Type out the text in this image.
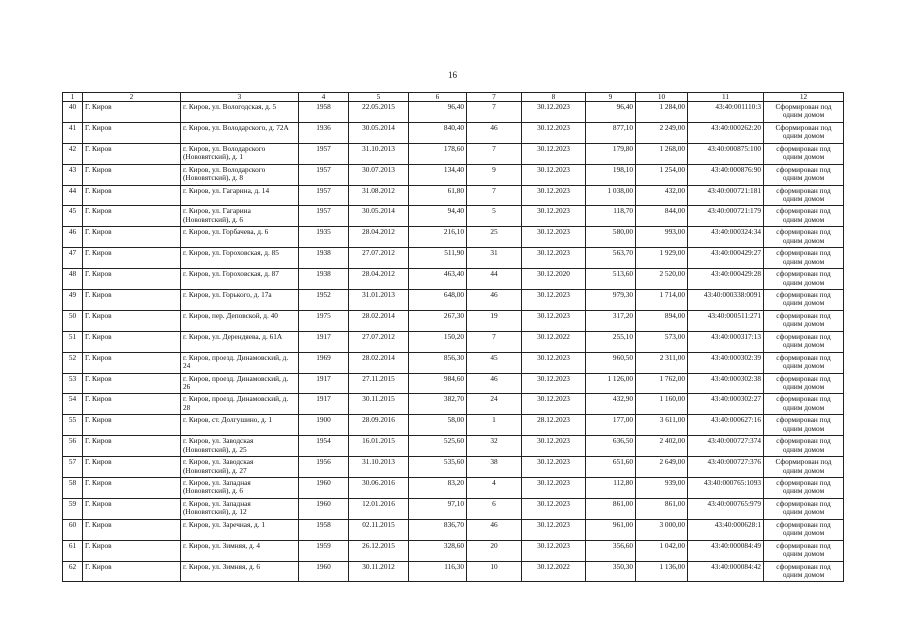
16
1	2	3	4	5	6	7	8	9	10	11	12
40	Г. Киров	г. Киров, ул. Вологодская, д. 5	1958	22.05.2015	96,40	7	30.12.2023	96,40	1 284,00	43:40:001110:3	Сформирован под одним домом
41	Г. Киров	г. Киров, ул. Володарского, д. 72А	1936	30.05.2014	840,40	46	30.12.2023	877,10	2 249,00	43:40:000262:20	Сформирован под одним домом
42	Г. Киров	г. Киров, ул. Володарского (Нововятский), д. 1	1957	31.10.2013	178,60	7	30.12.2023	179,80	1 268,00	43:40:000875:100	сформирован под одним домом
43	Г. Киров	г. Киров, ул. Володарского (Нововятский), д. 8	1957	30.07.2013	134,40	9	30.12.2023	198,10	1 254,00	43:40:000876:90	сформирован под одним домом
44	Г. Киров	г. Киров, ул. Гагарина, д. 14	1957	31.08.2012	61,80	7	30.12.2023	1 038,00	432,00	43:40:000721:181	сформирован под одним домом
45	Г. Киров	г. Киров, ул. Гагарина (Нововятский), д. 6	1957	30.05.2014	94,40	5	30.12.2023	118,70	844,00	43:40:000721:179	сформирован под одним домом
46	Г. Киров	г. Киров, ул. Горбачева, д. 6	1935	28.04.2012	216,10	25	30.12.2023	580,00	993,00	43:40:000324:34	сформирован под одним домом
47	Г. Киров	г. Киров, ул. Гороховская, д. 85	1938	27.07.2012	511,90	31	30.12.2023	563,70	1 929,00	43:40:000429:27	сформирован под одним домом
48	Г. Киров	г. Киров, ул. Гороховская, д. 87	1938	28.04.2012	463,40	44	30.12.2020	513,60	2 520,00	43:40:000429:28	сформирован под одним домом
49	Г. Киров	г. Киров, ул. Горького, д. 17а	1952	31.01.2013	648,00	46	30.12.2023	979,30	1 714,00	43:40:000338:0091	сформирован под одним домом
50	Г. Киров	г. Киров, пер. Деповской, д. 40	1975	28.02.2014	267,30	19	30.12.2023	317,20	894,00	43:40:000511:271	сформирован под одним домом
51	Г. Киров	г. Киров, ул. Дерендяева, д. 61А	1917	27.07.2012	150,20	7	30.12.2022	255,10	573,00	43:40:000317:13	сформирован под одним домом
52	Г. Киров	г. Киров, проезд. Динамовский, д. 24	1969	28.02.2014	856,30	45	30.12.2023	960,50	2 311,00	43:40:000302:39	сформирован под одним домом
53	Г. Киров	г. Киров, проезд. Динамовский, д. 26	1917	27.11.2015	984,60	46	30.12.2023	1 126,00	1 762,00	43:40:000302:38	сформирован под одним домом
54	Г. Киров	г. Киров, проезд. Динамовский, д. 28	1917	30.11.2015	382,70	24	30.12.2023	432,90	1 160,00	43:40:000302:27	сформирован под одним домом
55	Г. Киров	г. Киров, ст. Долгушино, д. 1	1900	28.09.2016	58,00	1	28.12.2023	177,00	3 611,00	43:40:000627:16	сформирован под одним домом
56	Г. Киров	г. Киров, ул. Заводская (Нововятский), д. 25	1954	16.01.2015	525,60	32	30.12.2023	636,50	2 402,00	43:40:000727:374	сформирован под одним домом
57	Г. Киров	г. Киров, ул. Заводская (Нововятский), д. 27	1956	31.10.2013	535,60	38	30.12.2023	651,60	2 649,00	43:40:000727:376	Сформирован под одним домом
58	Г. Киров	г. Киров, ул. Западная (Нововятский), д. 6	1960	30.06.2016	83,20	4	30.12.2023	112,80	939,00	43:40:000765:1093	сформирован под одним домом
59	Г. Киров	г. Киров, ул. Западная (Нововятский), д. 12	1960	12.01.2016	97,10	6	30.12.2023	861,00	861,00	43:40:000765:979	сформирован под одним домом
60	Г. Киров	г. Киров, ул. Заречная, д. 1	1958	02.11.2015	836,70	46	30.12.2023	961,00	3 000,00	43:40:000628:1	сформирован под одним домом
61	Г. Киров	г. Киров, ул. Зимняя, д. 4	1959	26.12.2015	328,60	20	30.12.2023	356,60	1 042,00	43:40:000084:49	сформирован под одним домом
62	Г. Киров	г. Киров, ул. Зимняя, д. 6	1960	30.11.2012	116,30	10	30.12.2022	350,30	1 136,00	43:40:000084:42	сформирован под одним домом
